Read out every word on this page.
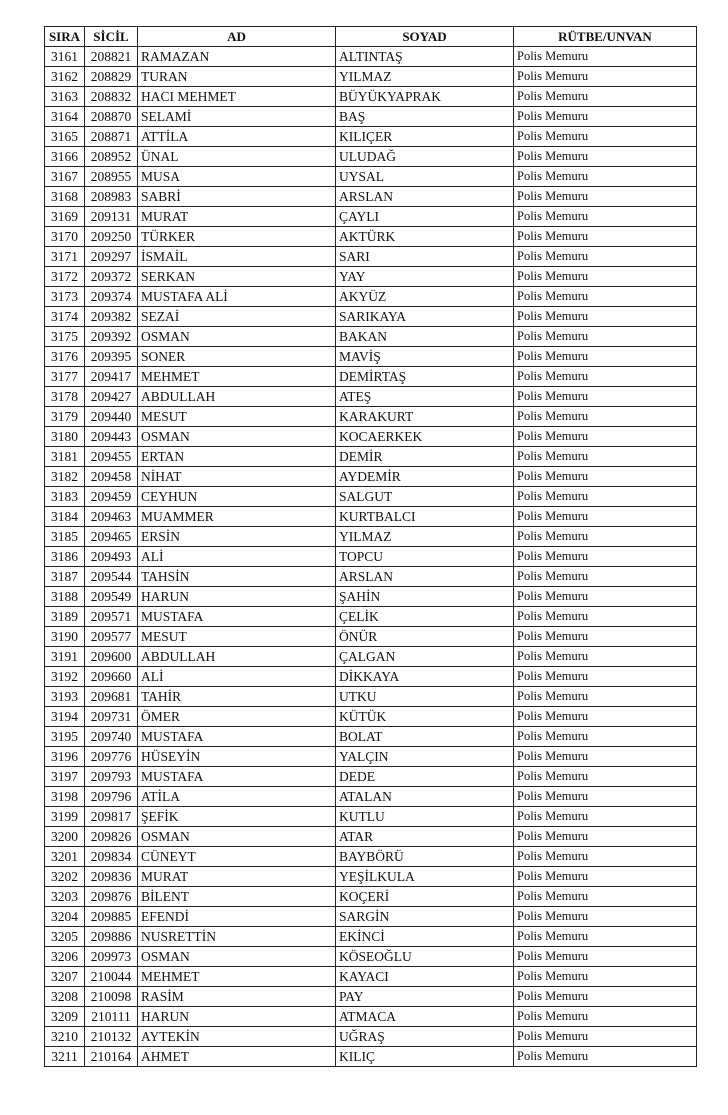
SIRA	SİCİL	AD	SOYAD	RÜTBE/UNVAN
3161	208821	RAMAZAN	ALTINTAŞ	Polis Memuru
3162	208829	TURAN	YILMAZ	Polis Memuru
3163	208832	HACI MEHMET	BÜYÜKYAPRAK	Polis Memuru
3164	208870	SELAMİ	BAŞ	Polis Memuru
3165	208871	ATTİLA	KILIÇER	Polis Memuru
3166	208952	ÜNAL	ULUDAĞ	Polis Memuru
3167	208955	MUSA	UYSAL	Polis Memuru
3168	208983	SABRİ	ARSLAN	Polis Memuru
3169	209131	MURAT	ÇAYLI	Polis Memuru
3170	209250	TÜRKER	AKTÜRK	Polis Memuru
3171	209297	İSMAİL	SARI	Polis Memuru
3172	209372	SERKAN	YAY	Polis Memuru
3173	209374	MUSTAFA ALİ	AKYÜZ	Polis Memuru
3174	209382	SEZAİ	SARIKAYA	Polis Memuru
3175	209392	OSMAN	BAKAN	Polis Memuru
3176	209395	SONER	MAVİŞ	Polis Memuru
3177	209417	MEHMET	DEMİRTAŞ	Polis Memuru
3178	209427	ABDULLAH	ATEŞ	Polis Memuru
3179	209440	MESUT	KARAKURT	Polis Memuru
3180	209443	OSMAN	KOCAERKEK	Polis Memuru
3181	209455	ERTAN	DEMİR	Polis Memuru
3182	209458	NİHAT	AYDEMİR	Polis Memuru
3183	209459	CEYHUN	SALGUT	Polis Memuru
3184	209463	MUAMMER	KURTBALCI	Polis Memuru
3185	209465	ERSİN	YILMAZ	Polis Memuru
3186	209493	ALİ	TOPCU	Polis Memuru
3187	209544	TAHSİN	ARSLAN	Polis Memuru
3188	209549	HARUN	ŞAHİN	Polis Memuru
3189	209571	MUSTAFA	ÇELİK	Polis Memuru
3190	209577	MESUT	ÖNÜR	Polis Memuru
3191	209600	ABDULLAH	ÇALGAN	Polis Memuru
3192	209660	ALİ	DİKKAYA	Polis Memuru
3193	209681	TAHİR	UTKU	Polis Memuru
3194	209731	ÖMER	KÜTÜK	Polis Memuru
3195	209740	MUSTAFA	BOLAT	Polis Memuru
3196	209776	HÜSEYİN	YALÇIN	Polis Memuru
3197	209793	MUSTAFA	DEDE	Polis Memuru
3198	209796	ATİLA	ATALAN	Polis Memuru
3199	209817	ŞEFİK	KUTLU	Polis Memuru
3200	209826	OSMAN	ATAR	Polis Memuru
3201	209834	CÜNEYT	BAYBÖRÜ	Polis Memuru
3202	209836	MURAT	YEŞİLKULA	Polis Memuru
3203	209876	BİLENT	KOÇERİ	Polis Memuru
3204	209885	EFENDİ	SARGİN	Polis Memuru
3205	209886	NUSRETTİN	EKİNCİ	Polis Memuru
3206	209973	OSMAN	KÖSEOĞLU	Polis Memuru
3207	210044	MEHMET	KAYACI	Polis Memuru
3208	210098	RASİM	PAY	Polis Memuru
3209	210111	HARUN	ATMACA	Polis Memuru
3210	210132	AYTEKİN	UĞRAŞ	Polis Memuru
3211	210164	AHMET	KILIÇ	Polis Memuru
